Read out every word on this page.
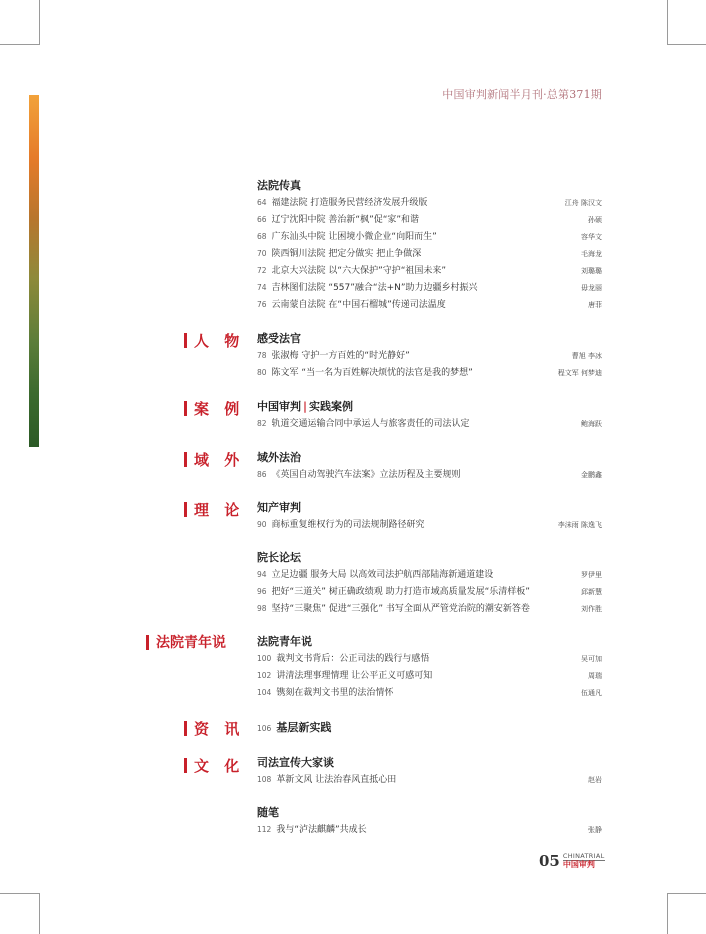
中国审判新闻半月刊·总第371期
人 物
案 例
域 外
理 论
法院青年说
资 讯
文 化
法院传真
64 福建法院 打造服务民营经济发展升级版	江舟 陈汉文
66 辽宁沈阳中院 善治新“枫”促“家”和谐	孙硕
68 广东汕头中院 让困境小微企业“向阳而生”	容华文
70 陕西铜川法院 把定分做实 把止争做深	毛海龙
72 北京大兴法院 以“六大保护”守护“祖国未来”	刘璐璐
74 吉林图们法院 “557”融合“法+N”助力边疆乡村振兴	毋龙丽
76 云南蒙自法院 在“中国石榴城”传递司法温度	唐菲
感受法官
78 张淑梅 守护一方百姓的“时光静好”	曹旭 李冰
80 陈文军 “当一名为百姓解决烦忧的法官是我的梦想”	程文军 何梦迪
中国审判 | 实践案例
82 轨道交通运输合同中承运人与旅客责任的司法认定	鲍海跃
域外法治
86 《英国自动驾驶汽车法案》立法历程及主要规则	金鹏鑫
知产审判
90 商标重复维权行为的司法规制路径研究	李沫雨 陈逸飞
院长论坛
94 立足边疆 服务大局 以高效司法护航西部陆海新通道建设	罗伊里
96 把好“三道关” 树正确政绩观 助力打造市域高质量发展“乐清样板”	邱新慧
98 坚持“三聚焦” 促进“三强化” 书写全面从严管党治院的潮安新答卷	刘作胜
法院青年说
100 裁判文书背后：公正司法的践行与感悟	吴可加
102 讲清法理事理情理 让公平正义可感可知	周瑞
104 镌刻在裁判文书里的法治情怀	伍通凡
106 基层新实践
司法宣传大家谈
108 革新文风 让法治春风直抵心田	赵岩
随笔
112 我与“泸法麒麟”共成长	张静
05 CHINATRIAL
中国审判
